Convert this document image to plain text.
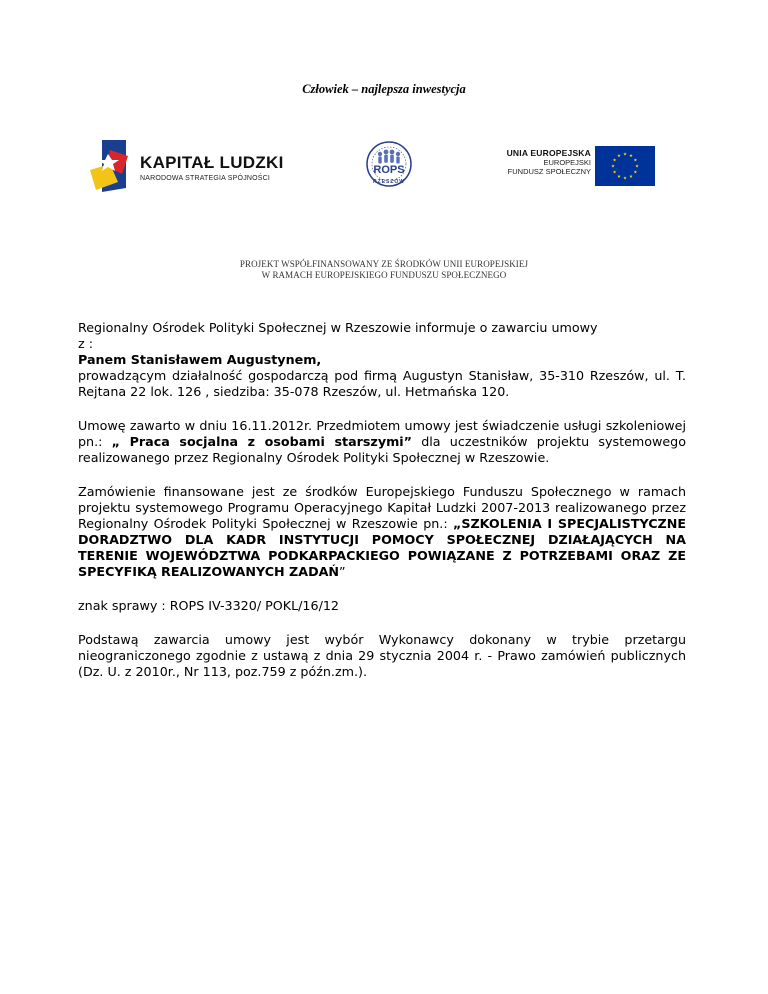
Człowiek – najlepsza inwestycja
KAPITAŁ LUDZKI
NARODOWA STRATEGIA SPÓJNOŚCI
ROPS
RZESZÓW
UNIA EUROPEJSKA
EUROPEJSKI
FUNDUSZ SPOŁECZNY
PROJEKT WSPÓŁFINANSOWANY ZE ŚRODKÓW UNII EUROPEJSKIEJ
W RAMACH EUROPEJSKIEGO FUNDUSZU SPOŁECZNEGO

Regionalny Ośrodek Polityki Społecznej w Rzeszowie informuje o zawarciu umowy

z :

Panem Stanisławem Augustynem,

prowadzącym działalność gospodarczą pod firmą Augustyn Stanisław, 35-310 Rzeszów, ul. T. Rejtana 22 lok. 126 , siedziba: 35-078 Rzeszów, ul. Hetmańska 120.

Umowę zawarto w dniu 16.11.2012r. Przedmiotem umowy jest świadczenie usługi szkoleniowej pn.: „ Praca socjalna z osobami starszymi” dla uczestników projektu systemowego realizowanego przez Regionalny Ośrodek Polityki Społecznej w Rzeszowie.

Zamówienie finansowane jest ze środków Europejskiego Funduszu Społecznego w ramach projektu systemowego Programu Operacyjnego Kapitał Ludzki 2007-2013 realizowanego przez Regionalny Ośrodek Polityki Społecznej w Rzeszowie pn.: „SZKOLENIA I SPECJALISTYCZNE DORADZTWO DLA KADR INSTYTUCJI POMOCY SPOŁECZNEJ DZIAŁAJĄCYCH NA TERENIE WOJEWÓDZTWA PODKARPACKIEGO POWIĄZANE Z POTRZEBAMI ORAZ ZE SPECYFIKĄ REALIZOWANYCH ZADAŃ”

znak sprawy : ROPS IV-3320/ POKL/16/12

Podstawą zawarcia umowy jest wybór Wykonawcy dokonany w trybie przetargu nieograniczonego zgodnie z ustawą z dnia 29 stycznia 2004 r. - Prawo zamówień publicznych (Dz. U. z 2010r., Nr 113, poz.759 z późn.zm.).
